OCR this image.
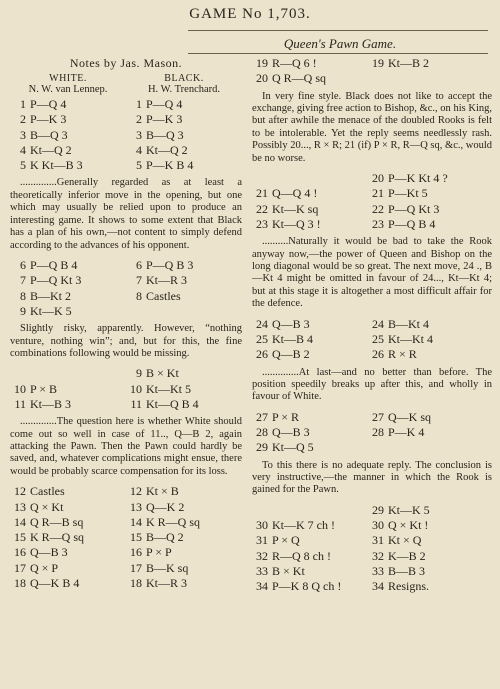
GAME No 1,703.
Queen's Pawn Game.
Notes by Jas. Mason.
WHITE.	BLACK.
N. W. van Lennep.	H. W. Trenchard.
1 P—Q 4	1 P—Q 4
2 P—K 3	2 P—K 3
3 B—Q 3	3 B—Q 3
4 Kt—Q 2	4 Kt—Q 2
5 K Kt—B 3	5 P—K B 4

..............Generally regarded as at least a theoretically inferior move in the opening, but one which may usually be relied upon to produce an interesting game. It shows to some extent that Black has a plan of his own,—not content to simply defend according to the advances of his opponent.

6 P—Q B 4	6 P—Q B 3
7 P—Q Kt 3	7 Kt—R 3
8 B—Kt 2	8 Castles
9 Kt—K 5

Slightly risky, apparently. However, “nothing venture, nothing win”; and, but for this, the fine combinations following would be missing.

9 B × Kt
10 P × B	10 Kt—Kt 5
11 Kt—B 3	11 Kt—Q B 4

..............The question here is whether White should come out so well in case of 11.., Q—B 2, again attacking the Pawn. Then the Pawn could hardly be saved, and, whatever complications might ensue, there would be probably scarce compensation for its loss.

12 Castles	12 Kt × B
13 Q × Kt	13 Q—K 2
14 Q R—B sq	14 K R—Q sq
15 K R—Q sq	15 B—Q 2
16 Q—B 3	16 P × P
17 Q × P	17 B—K sq
18 Q—K B 4	18 Kt—R 3
19 R—Q 6 !	19 Kt—B 2
20 Q R—Q sq

In very fine style. Black does not like to accept the exchange, giving free action to Bishop, &c., on his King, but after awhile the menace of the doubled Rooks is felt to be intolerable. Yet the reply seems needlessly rash. Possibly 20..., R × R; 21 (if) P × R, R—Q sq, &c., would be no worse.

20 P—K Kt 4 ?
21 Q—Q 4 !	21 P—Kt 5
22 Kt—K sq	22 P—Q Kt 3
23 Kt—Q 3 !	23 P—Q B 4

..........Naturally it would be bad to take the Rook anyway now,—the power of Queen and Bishop on the long diagonal would be so great. The next move, 24 ., B—Kt 4 might be omitted in favour of 24..., Kt—Kt 4; but at this stage it is altogether a most difficult affair for the defence.

24 Q—B 3	24 B—Kt 4
25 Kt—B 4	25 Kt—Kt 4
26 Q—B 2	26 R × R

..............At last—and no better than before. The position speedily breaks up after this, and wholly in favour of White.

27 P × R	27 Q—K sq
28 Q—B 3	28 P—K 4
29 Kt—Q 5

To this there is no adequate reply. The conclusion is very instructive,—the manner in which the Rook is gained for the Pawn.

29 Kt—K 5
30 Kt—K 7 ch !	30 Q × Kt !
31 P × Q	31 Kt × Q
32 R—Q 8 ch !	32 K—B 2
33 B × Kt	33 B—B 3
34 P—K 8 Q ch !	34 Resigns.
